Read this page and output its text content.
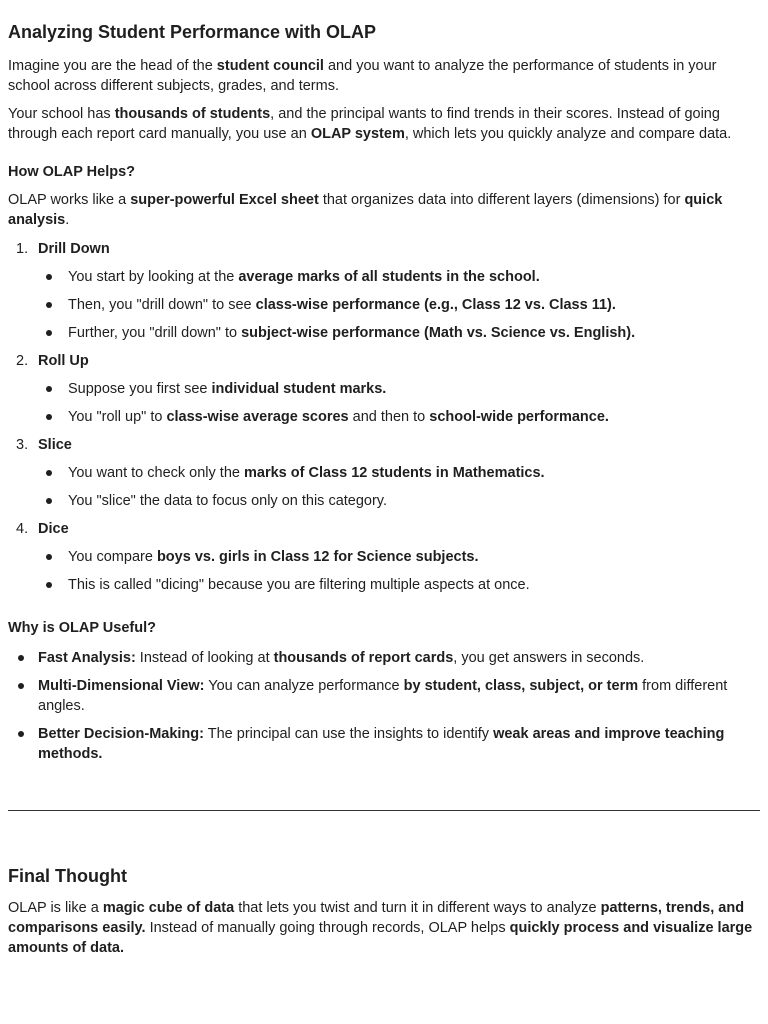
Analyzing Student Performance with OLAP

Imagine you are the head of the student council and you want to analyze the performance of students in your school across different subjects, grades, and terms.

Your school has thousands of students, and the principal wants to find trends in their scores. Instead of going through each report card manually, you use an OLAP system, which lets you quickly analyze and compare data.

How OLAP Helps?

OLAP works like a super-powerful Excel sheet that organizes data into different layers (dimensions) for quick analysis.

1. Drill Down
You start by looking at the average marks of all students in the school.
Then, you "drill down" to see class-wise performance (e.g., Class 12 vs. Class 11).
Further, you "drill down" to subject-wise performance (Math vs. Science vs. English).
2. Roll Up
Suppose you first see individual student marks.
You "roll up" to class-wise average scores and then to school-wide performance.
3. Slice
You want to check only the marks of Class 12 students in Mathematics.
You "slice" the data to focus only on this category.
4. Dice
You compare boys vs. girls in Class 12 for Science subjects.
This is called "dicing" because you are filtering multiple aspects at once.
Why is OLAP Useful?
Fast Analysis: Instead of looking at thousands of report cards, you get answers in seconds.
Multi-Dimensional View: You can analyze performance by student, class, subject, or term from different angles.
Better Decision-Making: The principal can use the insights to identify weak areas and improve teaching methods.
Final Thought

OLAP is like a magic cube of data that lets you twist and turn it in different ways to analyze patterns, trends, and comparisons easily. Instead of manually going through records, OLAP helps quickly process and visualize large amounts of data.
